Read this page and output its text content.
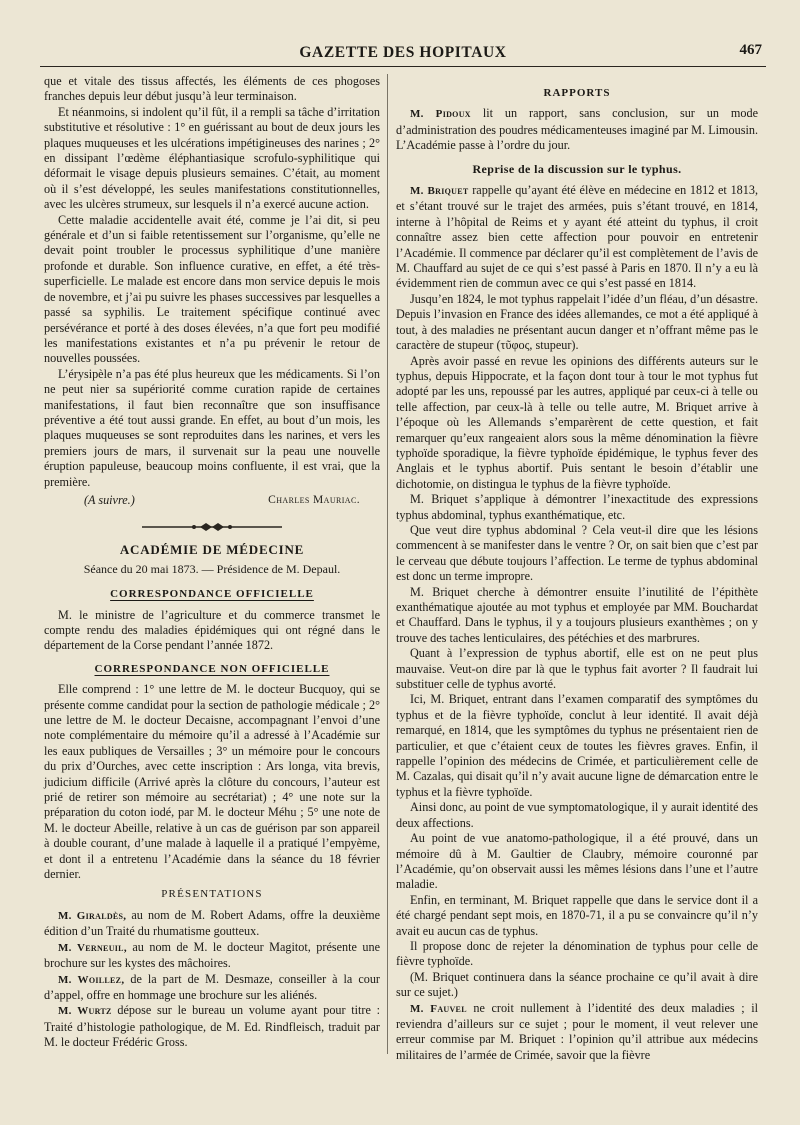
GAZETTE DES HOPITAUX	467

que et vitale des tissus affectés, les éléments de ces phogoses franches depuis leur début jusqu’à leur terminaison.

Et néanmoins, si indolent qu’il fût, il a rempli sa tâche d’irritation substitutive et résolutive : 1° en guérissant au bout de deux jours les plaques muqueuses et les ulcérations impétigineuses des narines ; 2° en dissipant l’œdème éléphantiasique scrofulo-syphilitique qui déformait le visage depuis plusieurs semaines. C’était, au moment où il s’est développé, les seules manifestations constitutionnelles, avec les ulcères strumeux, sur lesquels il n’a exercé aucune action.

Cette maladie accidentelle avait été, comme je l’ai dit, si peu générale et d’un si faible retentissement sur l’organisme, qu’elle ne devait point troubler le processus syphilitique d’une manière profonde et durable. Son influence curative, en effet, a été très-superficielle. Le malade est encore dans mon service depuis le mois de novembre, et j’ai pu suivre les phases successives par lesquelles a passé sa syphilis. Le traitement spécifique continué avec persévérance et porté à des doses élevées, n’a que fort peu modifié les manifestations existantes et n’a pu prévenir le retour de nouvelles poussées.

L’érysipèle n’a pas été plus heureux que les médicaments. Si l’on ne peut nier sa supériorité comme curation rapide de certaines manifestations, il faut bien reconnaître que son insuffisance préventive a été tout aussi grande. En effet, au bout d’un mois, les plaques muqueuses se sont reproduites dans les narines, et vers les premiers jours de mars, il survenait sur la peau une nouvelle éruption papuleuse, beaucoup moins confluente, il est vrai, que la première.

(A suivre.)	Charles Mauriac.
ACADÉMIE DE MÉDECINE
Séance du 20 mai 1873. — Présidence de M. Depaul.
CORRESPONDANCE OFFICIELLE

M. le ministre de l’agriculture et du commerce transmet le compte rendu des maladies épidémiques qui ont régné dans le département de la Corse pendant l’année 1872.

CORRESPONDANCE NON OFFICIELLE

Elle comprend : 1° une lettre de M. le docteur Bucquoy, qui se présente comme candidat pour la section de pathologie médicale ; 2° une lettre de M. le docteur Decaisne, accompagnant l’envoi d’une note complémentaire du mémoire qu’il a adressé à l’Académie sur les eaux publiques de Versailles ; 3° un mémoire pour le concours du prix d’Ourches, avec cette inscription : Ars longa, vita brevis, judicium difficile (Arrivé après la clôture du concours, l’auteur est prié de retirer son mémoire au secrétariat) ; 4° une note sur la préparation du coton iodé, par M. le docteur Méhu ; 5° une note de M. le docteur Abeille, relative à un cas de guérison par son appareil à double courant, d’une malade à laquelle il a pratiqué l’empyème, et dont il a entretenu l’Académie dans la séance du 18 février dernier.

PRÉSENTATIONS

M. Giraldès, au nom de M. Robert Adams, offre la deuxième édition d’un Traité du rhumatisme goutteux.

M. Verneuil, au nom de M. le docteur Magitot, présente une brochure sur les kystes des mâchoires.

M. Woillez, de la part de M. Desmaze, conseiller à la cour d’appel, offre en hommage une brochure sur les aliénés.

M. Wurtz dépose sur le bureau un volume ayant pour titre : Traité d’histologie pathologique, de M. Ed. Rindfleisch, traduit par M. le docteur Frédéric Gross.

RAPPORTS

M. Pidoux lit un rapport, sans conclusion, sur un mode d’administration des poudres médicamenteuses imaginé par M. Limousin. L’Académie passe à l’ordre du jour.

Reprise de la discussion sur le typhus.

M. Briquet rappelle qu’ayant été élève en médecine en 1812 et 1813, et s’étant trouvé sur le trajet des armées, puis s’étant trouvé, en 1814, interne à l’hôpital de Reims et y ayant été atteint du typhus, il croit connaître assez bien cette affection pour pouvoir en entretenir l’Académie. Il commence par déclarer qu’il est complètement de l’avis de M. Chauffard au sujet de ce qui s’est passé à Paris en 1870. Il n’y a eu là évidemment rien de commun avec ce qui s’est passé en 1814.

Jusqu’en 1824, le mot typhus rappelait l’idée d’un fléau, d’un désastre. Depuis l’invasion en France des idées allemandes, ce mot a été appliqué à tout, à des maladies ne présentant aucun danger et n’offrant même pas le caractère de stupeur (τῦφος, stupeur).

Après avoir passé en revue les opinions des différents auteurs sur le typhus, depuis Hippocrate, et la façon dont tour à tour le mot typhus fut adopté par les uns, repoussé par les autres, appliqué par ceux-ci à telle ou telle affection, par ceux-là à telle ou telle autre, M. Briquet arrive à l’époque où les Allemands s’emparèrent de cette question, et fait remarquer qu’eux rangeaient alors sous la même dénomination la fièvre typhoïde sporadique, la fièvre typhoïde épidémique, le typhus fever des Anglais et le typhus abortif. Puis sentant le besoin d’établir une dichotomie, on distingua le typhus de la fièvre typhoïde.

M. Briquet s’applique à démontrer l’inexactitude des expressions typhus abdominal, typhus exanthématique, etc.

Que veut dire typhus abdominal ? Cela veut-il dire que les lésions commencent à se manifester dans le ventre ? Or, on sait bien que c’est par le cerveau que débute toujours l’affection. Le terme de typhus abdominal est donc un terme impropre.

M. Briquet cherche à démontrer ensuite l’inutilité de l’épithète exanthématique ajoutée au mot typhus et employée par MM. Bouchardat et Chauffard. Dans le typhus, il y a toujours plusieurs exanthèmes ; on y trouve des taches lenticulaires, des pétéchies et des marbrures.

Quant à l’expression de typhus abortif, elle est on ne peut plus mauvaise. Veut-on dire par là que le typhus fait avorter ? Il faudrait lui substituer celle de typhus avorté.

Ici, M. Briquet, entrant dans l’examen comparatif des symptômes du typhus et de la fièvre typhoïde, conclut à leur identité. Il avait déjà remarqué, en 1814, que les symptômes du typhus ne présentaient rien de particulier, et que c’étaient ceux de toutes les fièvres graves. Enfin, il rappelle l’opinion des médecins de Crimée, et particulièrement celle de M. Cazalas, qui disait qu’il n’y avait aucune ligne de démarcation entre le typhus et la fièvre typhoïde.

Ainsi donc, au point de vue symptomatologique, il y aurait identité des deux affections.

Au point de vue anatomo-pathologique, il a été prouvé, dans un mémoire dû à M. Gaultier de Claubry, mémoire couronné par l’Académie, qu’on observait aussi les mêmes lésions dans l’une et l’autre maladie.

Enfin, en terminant, M. Briquet rappelle que dans le service dont il a été chargé pendant sept mois, en 1870-71, il a pu se convaincre qu’il n’y avait eu aucun cas de typhus.

Il propose donc de rejeter la dénomination de typhus pour celle de fièvre typhoïde.

(M. Briquet continuera dans la séance prochaine ce qu’il avait à dire sur ce sujet.)

M. Fauvel ne croit nullement à l’identité des deux maladies ; il reviendra d’ailleurs sur ce sujet ; pour le moment, il veut relever une erreur commise par M. Briquet : l’opinion qu’il attribue aux médecins militaires de l’armée de Crimée, savoir que la fièvre
